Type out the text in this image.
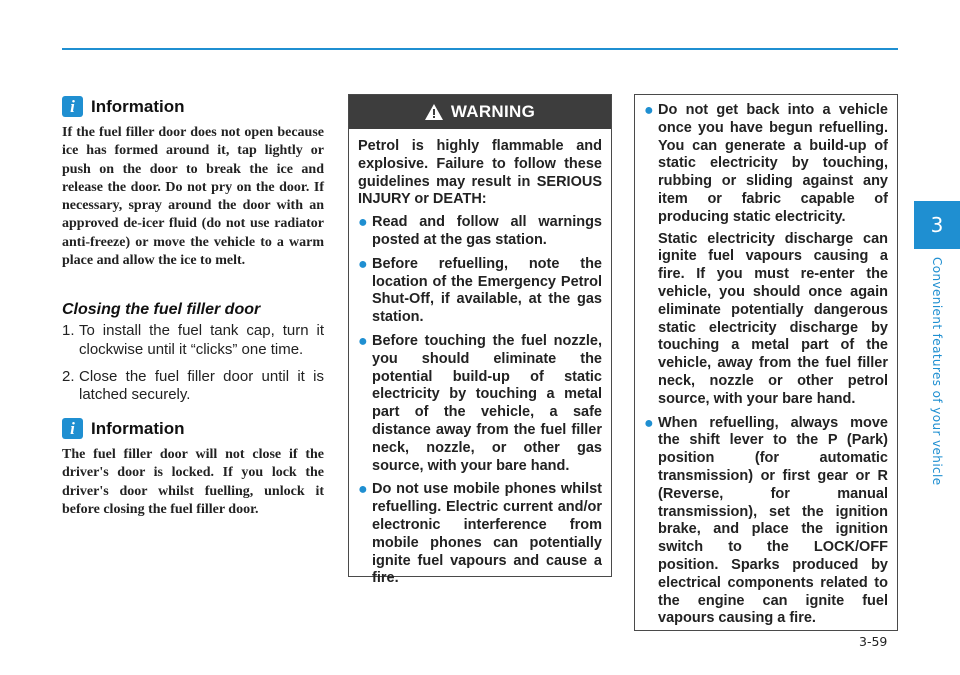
3
Convenient features of your vehicle
i Information

If the fuel filler door does not open because ice has formed around it, tap lightly or push on the door to break the ice and release the door. Do not pry on the door. If necessary, spray around the door with an approved de-icer fluid (do not use radiator anti-freeze) or move the vehicle to a warm place and allow the ice to melt.

Closing the fuel filler door
1. To install the fuel tank cap, turn it clockwise until it “clicks” one time.
2. Close the fuel filler door until it is latched securely.
i Information

The fuel filler door will not close if the driver's door is locked. If you lock the driver's door whilst fuelling, unlock it before closing the fuel filler door.

WARNING

Petrol is highly flammable and explosive. Failure to follow these guidelines may result in SERIOUS INJURY or DEATH:

● Read and follow all warnings posted at the gas station.
● Before refuelling, note the location of the Emergency Petrol Shut-Off, if available, at the gas station.
● Before touching the fuel nozzle, you should eliminate the potential build-up of static electricity by touching a metal part of the vehicle, a safe distance away from the fuel filler neck, nozzle, or other gas source, with your bare hand.
● Do not use mobile phones whilst refuelling. Electric current and/or electronic interference from mobile phones can potentially ignite fuel vapours and cause a fire.
● Do not get back into a vehicle once you have begun refuelling. You can generate a build-up of static electricity by touching, rubbing or sliding against any item or fabric capable of producing static electricity.

Static electricity discharge can ignite fuel vapours causing a fire. If you must re-enter the vehicle, you should once again eliminate potentially dangerous static electricity discharge by touching a metal part of the vehicle, away from the fuel filler neck, nozzle or other petrol source, with your bare hand.

● When refuelling, always move the shift lever to the P (Park) position (for automatic transmission) or first gear or R (Reverse, for manual transmission), set the ignition brake, and place the ignition switch to the LOCK/OFF position. Sparks produced by electrical components related to the engine can ignite fuel vapours causing a fire.
3-59
